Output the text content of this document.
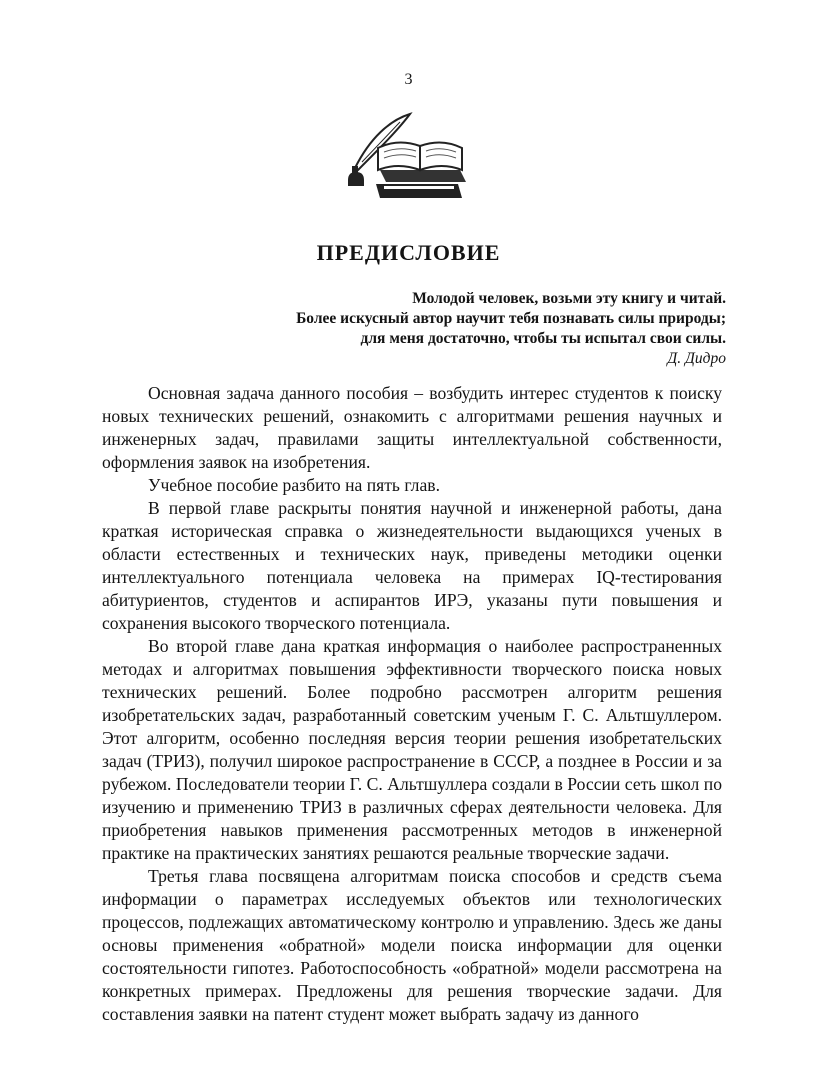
3
ПРЕДИСЛОВИЕ
Молодой человек, возьми эту книгу и читай.
Более искусный автор научит тебя познавать силы природы;
для меня достаточно, чтобы ты испытал свои силы.
Д. Дидро

Основная задача данного пособия – возбудить интерес студентов к поиску новых технических решений, ознакомить с алгоритмами решения научных и инженерных задач, правилами защиты интеллектуальной собственности, оформления заявок на изобретения.

Учебное пособие разбито на пять глав.

В первой главе раскрыты понятия научной и инженерной работы, дана краткая историческая справка о жизнедеятельности выдающихся ученых в области естественных и технических наук, приведены методики оценки интеллектуального потенциала человека на примерах IQ-тестирования абитуриентов, студентов и аспирантов ИРЭ, указаны пути повышения и сохранения высокого творческого потенциала.

Во второй главе дана краткая информация о наиболее распространенных методах и алгоритмах повышения эффективности творческого поиска новых технических решений. Более подробно рассмотрен алгоритм решения изобретательских задач, разработанный советским ученым Г. С. Альтшуллером. Этот алгоритм, особенно последняя версия теории решения изобретательских задач (ТРИЗ), получил широкое распространение в СССР, а позднее в России и за рубежом. Последователи теории Г. С. Альтшуллера создали в России сеть школ по изучению и применению ТРИЗ в различных сферах деятельности человека. Для приобретения навыков применения рассмотренных методов в инженерной практике на практических занятиях решаются реальные творческие задачи.

Третья глава посвящена алгоритмам поиска способов и средств съема информации о параметрах исследуемых объектов или технологических процессов, подлежащих автоматическому контролю и управлению. Здесь же даны основы применения «обратной» модели поиска информации для оценки состоятельности гипотез. Работоспособность «обратной» модели рассмотрена на конкретных примерах. Предложены для решения творческие задачи. Для составления заявки на патент студент может выбрать задачу из данного
